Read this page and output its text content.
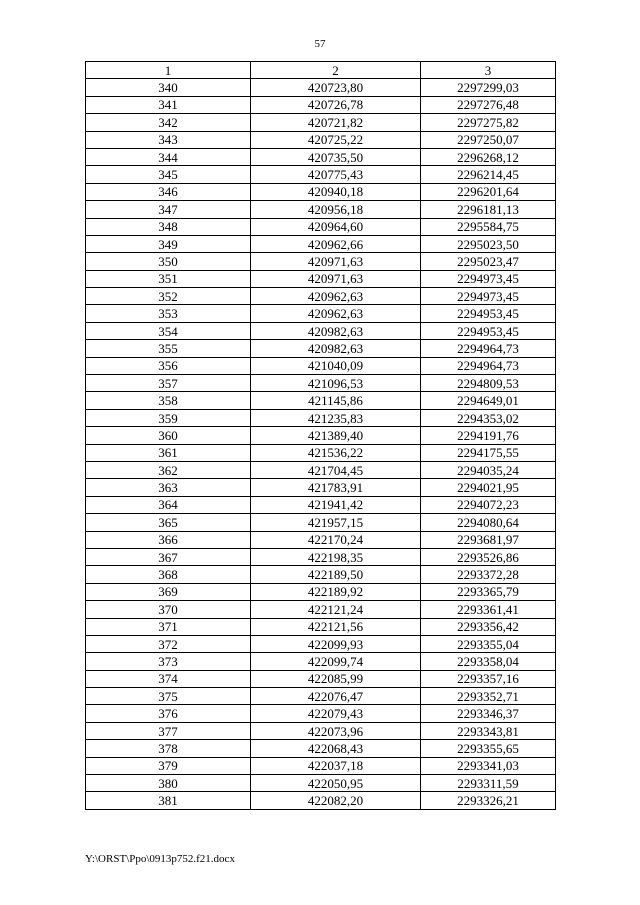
57
1	2	3
340	420723,80	2297299,03
341	420726,78	2297276,48
342	420721,82	2297275,82
343	420725,22	2297250,07
344	420735,50	2296268,12
345	420775,43	2296214,45
346	420940,18	2296201,64
347	420956,18	2296181,13
348	420964,60	2295584,75
349	420962,66	2295023,50
350	420971,63	2295023,47
351	420971,63	2294973,45
352	420962,63	2294973,45
353	420962,63	2294953,45
354	420982,63	2294953,45
355	420982,63	2294964,73
356	421040,09	2294964,73
357	421096,53	2294809,53
358	421145,86	2294649,01
359	421235,83	2294353,02
360	421389,40	2294191,76
361	421536,22	2294175,55
362	421704,45	2294035,24
363	421783,91	2294021,95
364	421941,42	2294072,23
365	421957,15	2294080,64
366	422170,24	2293681,97
367	422198,35	2293526,86
368	422189,50	2293372,28
369	422189,92	2293365,79
370	422121,24	2293361,41
371	422121,56	2293356,42
372	422099,93	2293355,04
373	422099,74	2293358,04
374	422085,99	2293357,16
375	422076,47	2293352,71
376	422079,43	2293346,37
377	422073,96	2293343,81
378	422068,43	2293355,65
379	422037,18	2293341,03
380	422050,95	2293311,59
381	422082,20	2293326,21
Y:\ORST\Ppo\0913p752.f21.docx
